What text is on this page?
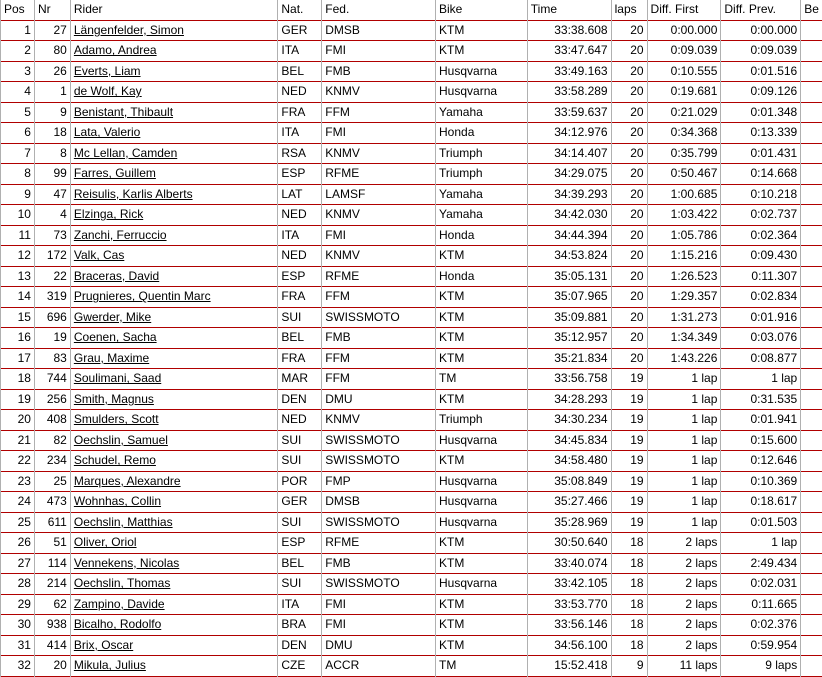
Pos	Nr	Rider	Nat.	Fed.	Bike	Time	laps	Diff. First	Diff. Prev.	Be
1	27	Längenfelder, Simon	GER	DMSB	KTM	33:38.608	20	0:00.000	0:00.000	
2	80	Adamo, Andrea	ITA	FMI	KTM	33:47.647	20	0:09.039	0:09.039	
3	26	Everts, Liam	BEL	FMB	Husqvarna	33:49.163	20	0:10.555	0:01.516	
4	1	de Wolf, Kay	NED	KNMV	Husqvarna	33:58.289	20	0:19.681	0:09.126	
5	9	Benistant, Thibault	FRA	FFM	Yamaha	33:59.637	20	0:21.029	0:01.348	
6	18	Lata, Valerio	ITA	FMI	Honda	34:12.976	20	0:34.368	0:13.339	
7	8	Mc Lellan, Camden	RSA	KNMV	Triumph	34:14.407	20	0:35.799	0:01.431	
8	99	Farres, Guillem	ESP	RFME	Triumph	34:29.075	20	0:50.467	0:14.668	
9	47	Reisulis, Karlis Alberts	LAT	LAMSF	Yamaha	34:39.293	20	1:00.685	0:10.218	
10	4	Elzinga, Rick	NED	KNMV	Yamaha	34:42.030	20	1:03.422	0:02.737	
11	73	Zanchi, Ferruccio	ITA	FMI	Honda	34:44.394	20	1:05.786	0:02.364	
12	172	Valk, Cas	NED	KNMV	KTM	34:53.824	20	1:15.216	0:09.430	
13	22	Braceras, David	ESP	RFME	Honda	35:05.131	20	1:26.523	0:11.307	
14	319	Prugnieres, Quentin Marc	FRA	FFM	KTM	35:07.965	20	1:29.357	0:02.834	
15	696	Gwerder, Mike	SUI	SWISSMOTO	KTM	35:09.881	20	1:31.273	0:01.916	
16	19	Coenen, Sacha	BEL	FMB	KTM	35:12.957	20	1:34.349	0:03.076	
17	83	Grau, Maxime	FRA	FFM	KTM	35:21.834	20	1:43.226	0:08.877	
18	744	Soulimani, Saad	MAR	FFM	TM	33:56.758	19	1 lap	1 lap	
19	256	Smith, Magnus	DEN	DMU	KTM	34:28.293	19	1 lap	0:31.535	
20	408	Smulders, Scott	NED	KNMV	Triumph	34:30.234	19	1 lap	0:01.941	
21	82	Oechslin, Samuel	SUI	SWISSMOTO	Husqvarna	34:45.834	19	1 lap	0:15.600	
22	234	Schudel, Remo	SUI	SWISSMOTO	KTM	34:58.480	19	1 lap	0:12.646	
23	25	Marques, Alexandre	POR	FMP	Husqvarna	35:08.849	19	1 lap	0:10.369	
24	473	Wohnhas, Collin	GER	DMSB	Husqvarna	35:27.466	19	1 lap	0:18.617	
25	611	Oechslin, Matthias	SUI	SWISSMOTO	Husqvarna	35:28.969	19	1 lap	0:01.503	
26	51	Oliver, Oriol	ESP	RFME	KTM	30:50.640	18	2 laps	1 lap	
27	114	Vennekens, Nicolas	BEL	FMB	KTM	33:40.074	18	2 laps	2:49.434	
28	214	Oechslin, Thomas	SUI	SWISSMOTO	Husqvarna	33:42.105	18	2 laps	0:02.031	
29	62	Zampino, Davide	ITA	FMI	KTM	33:53.770	18	2 laps	0:11.665	
30	938	Bicalho, Rodolfo	BRA	FMI	KTM	33:56.146	18	2 laps	0:02.376	
31	414	Brix, Oscar	DEN	DMU	KTM	34:56.100	18	2 laps	0:59.954	
32	20	Mikula, Julius	CZE	ACCR	TM	15:52.418	9	11 laps	9 laps	
